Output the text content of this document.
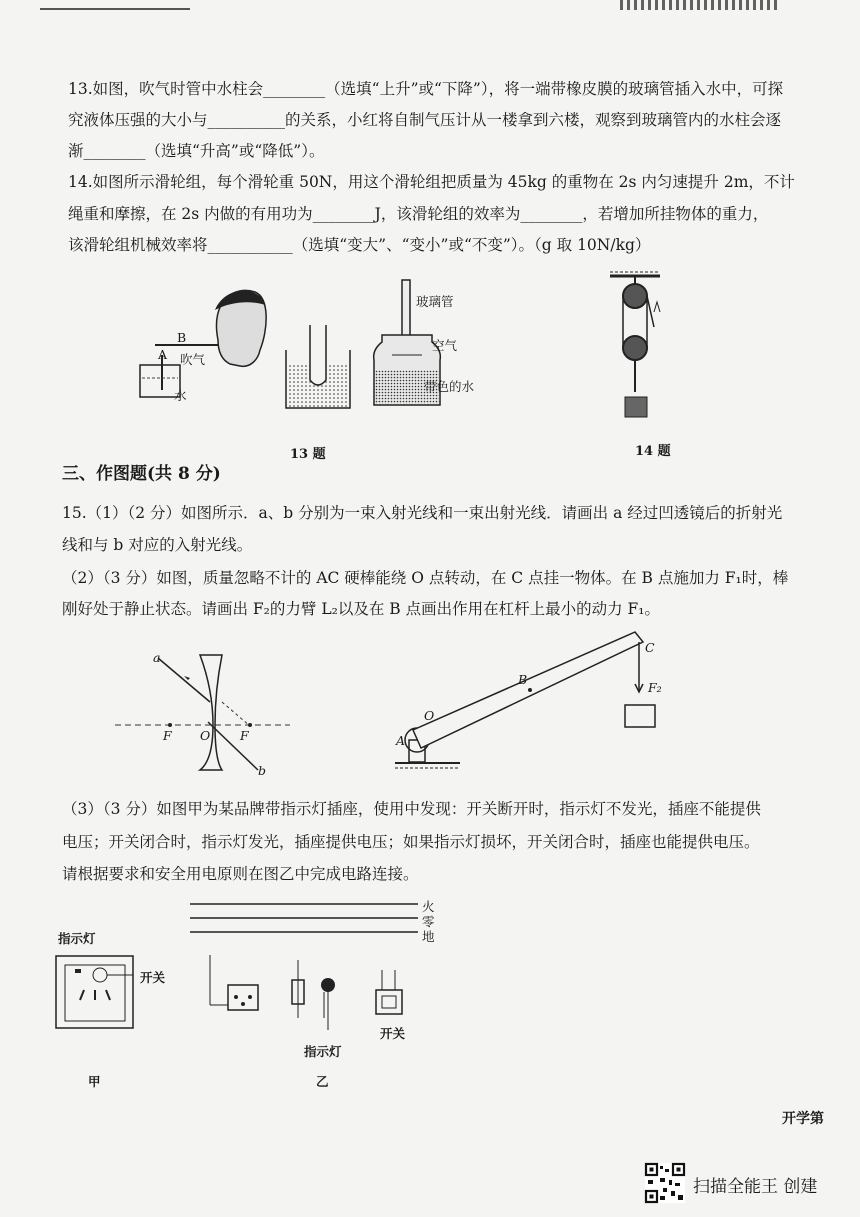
13.如图，吹气时管中水柱会________（选填“上升”或“下降”），将一端带橡皮膜的玻璃管插入水中，可探
究液体压强的大小与__________的关系，小红将自制气压计从一楼拿到六楼，观察到玻璃管内的水柱会逐
渐________（选填“升高”或“降低”）。
14.如图所示滑轮组，每个滑轮重 50N，用这个滑轮组把质量为 45kg 的重物在 2s 内匀速提升 2m，不计
绳重和摩擦，在 2s 内做的有用功为________J，该滑轮组的效率为________，若增加所挂物体的重力，
该滑轮组机械效率将___________（选填“变大”、“变小”或“不变”）。（g 取 10N/kg）
B
A 吹气
水
玻璃管
空气
带色的水
13 题	14 题
三、作图题(共 8 分)
15.（1）（2 分）如图所示．a、b 分别为一束入射光线和一束出射光线．请画出 a 经过凹透镜后的折射光
线和与 b 对应的入射光线。
（2）（3 分）如图，质量忽略不计的 AC 硬棒能绕 O 点转动，在 C 点挂一物体。在 B 点施加力 F₁时，棒
刚好处于静止状态。请画出 F₂的力臂 L₂以及在 B 点画出作用在杠杆上最小的动力 F₁。
a
b
F	F
O	A
O
B
C
F₂
（3）（3 分）如图甲为某品牌带指示灯插座，使用中发现：开关断开时，指示灯不发光，插座不能提供
电压；开关闭合时，指示灯发光，插座提供电压；如果指示灯损坏，开关闭合时，插座也能提供电压。
请根据要求和安全用电原则在图乙中完成电路连接。
指示灯
开关
甲
火
零
地
指示灯
开关
乙
开学第
扫描全能王 创建
